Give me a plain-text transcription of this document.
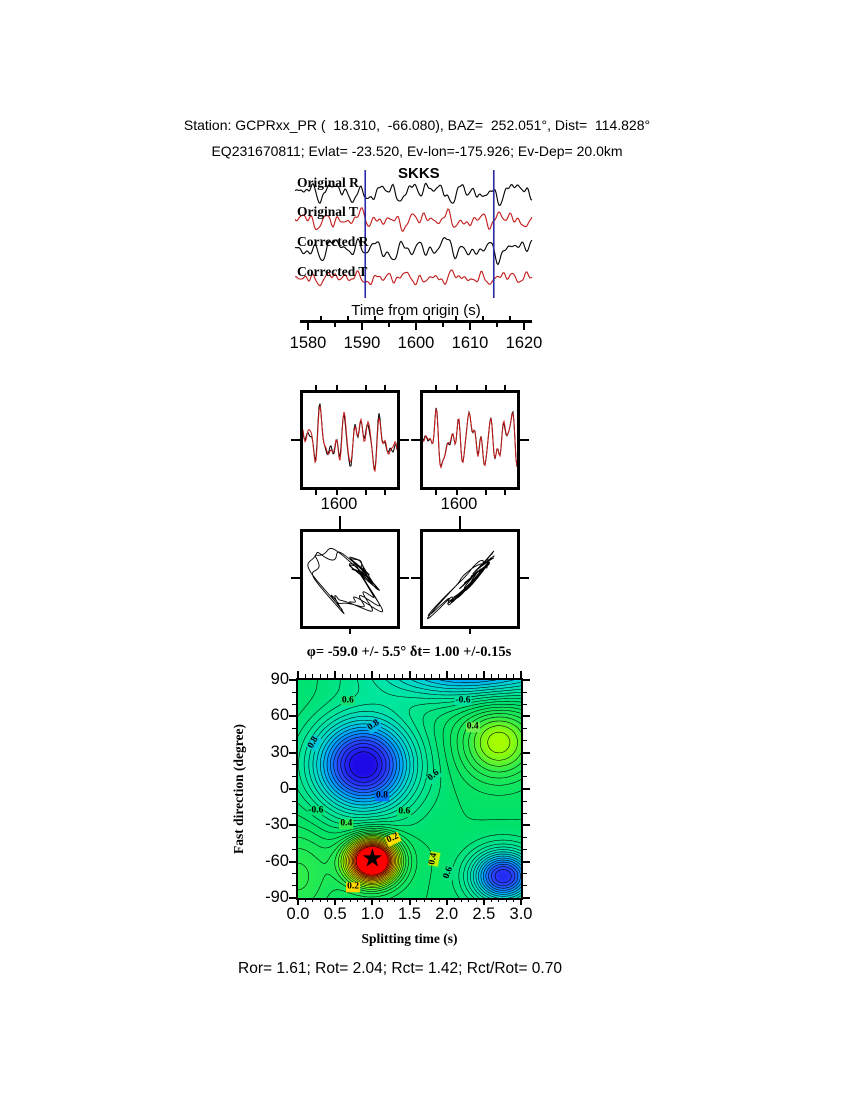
Station: GCPRxx_PR (  18.310,  -66.080), BAZ=  252.051°, Dist=  114.828°
EQ231670811; Evlat= -23.520, Ev-lon=-175.926; Ev-Dep= 20.0km
SKKS
Original R
Original T
Corrected R
Corrected T
Time from origin (s)
1580	1590	1600	1610	1620
1600	1600
φ= -59.0 +/- 5.5° δt= 1.00 +/-0.15s
Fast direction (degree)
★
0.0 0.5 1.0 1.5 2.0 2.5 3.0
-90
-60
-30
0
30
60
90
0.6	-0.6
0.8
0.8
0.4
0.6
0.8
-0.6	0.6
0.4
0.2
0.4
0.6
0.2
Splitting time (s)
Ror= 1.61; Rot= 2.04; Rct= 1.42; Rct/Rot= 0.70
